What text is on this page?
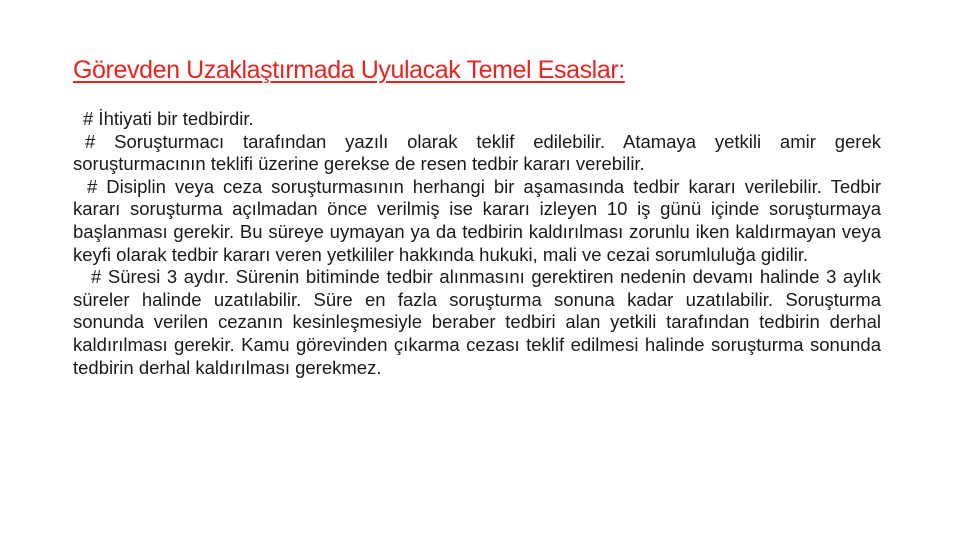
Görevden Uzaklaştırmada Uyulacak Temel Esaslar:

# İhtiyati bir tedbirdir.

# Soruşturmacı tarafından yazılı olarak teklif edilebilir. Atamaya yetkili amir gerek soruşturmacının teklifi üzerine gerekse de resen tedbir kararı verebilir.

# Disiplin veya ceza soruşturmasının herhangi bir aşamasında tedbir kararı verilebilir. Tedbir kararı soruşturma açılmadan önce verilmiş ise kararı izleyen 10 iş günü içinde soruşturmaya başlanması gerekir. Bu süreye uymayan ya da tedbirin kaldırılması zorunlu iken kaldırmayan veya keyfi olarak tedbir kararı veren yetkililer hakkında hukuki, mali ve cezai sorumluluğa gidilir.

# Süresi 3 aydır. Sürenin bitiminde tedbir alınmasını gerektiren nedenin devamı halinde 3 aylık süreler halinde uzatılabilir. Süre en fazla soruşturma sonuna kadar uzatılabilir. Soruşturma sonunda verilen cezanın kesinleşmesiyle beraber tedbiri alan yetkili tarafından tedbirin derhal kaldırılması gerekir. Kamu görevinden çıkarma cezası teklif edilmesi halinde soruşturma sonunda tedbirin derhal kaldırılması gerekmez.
